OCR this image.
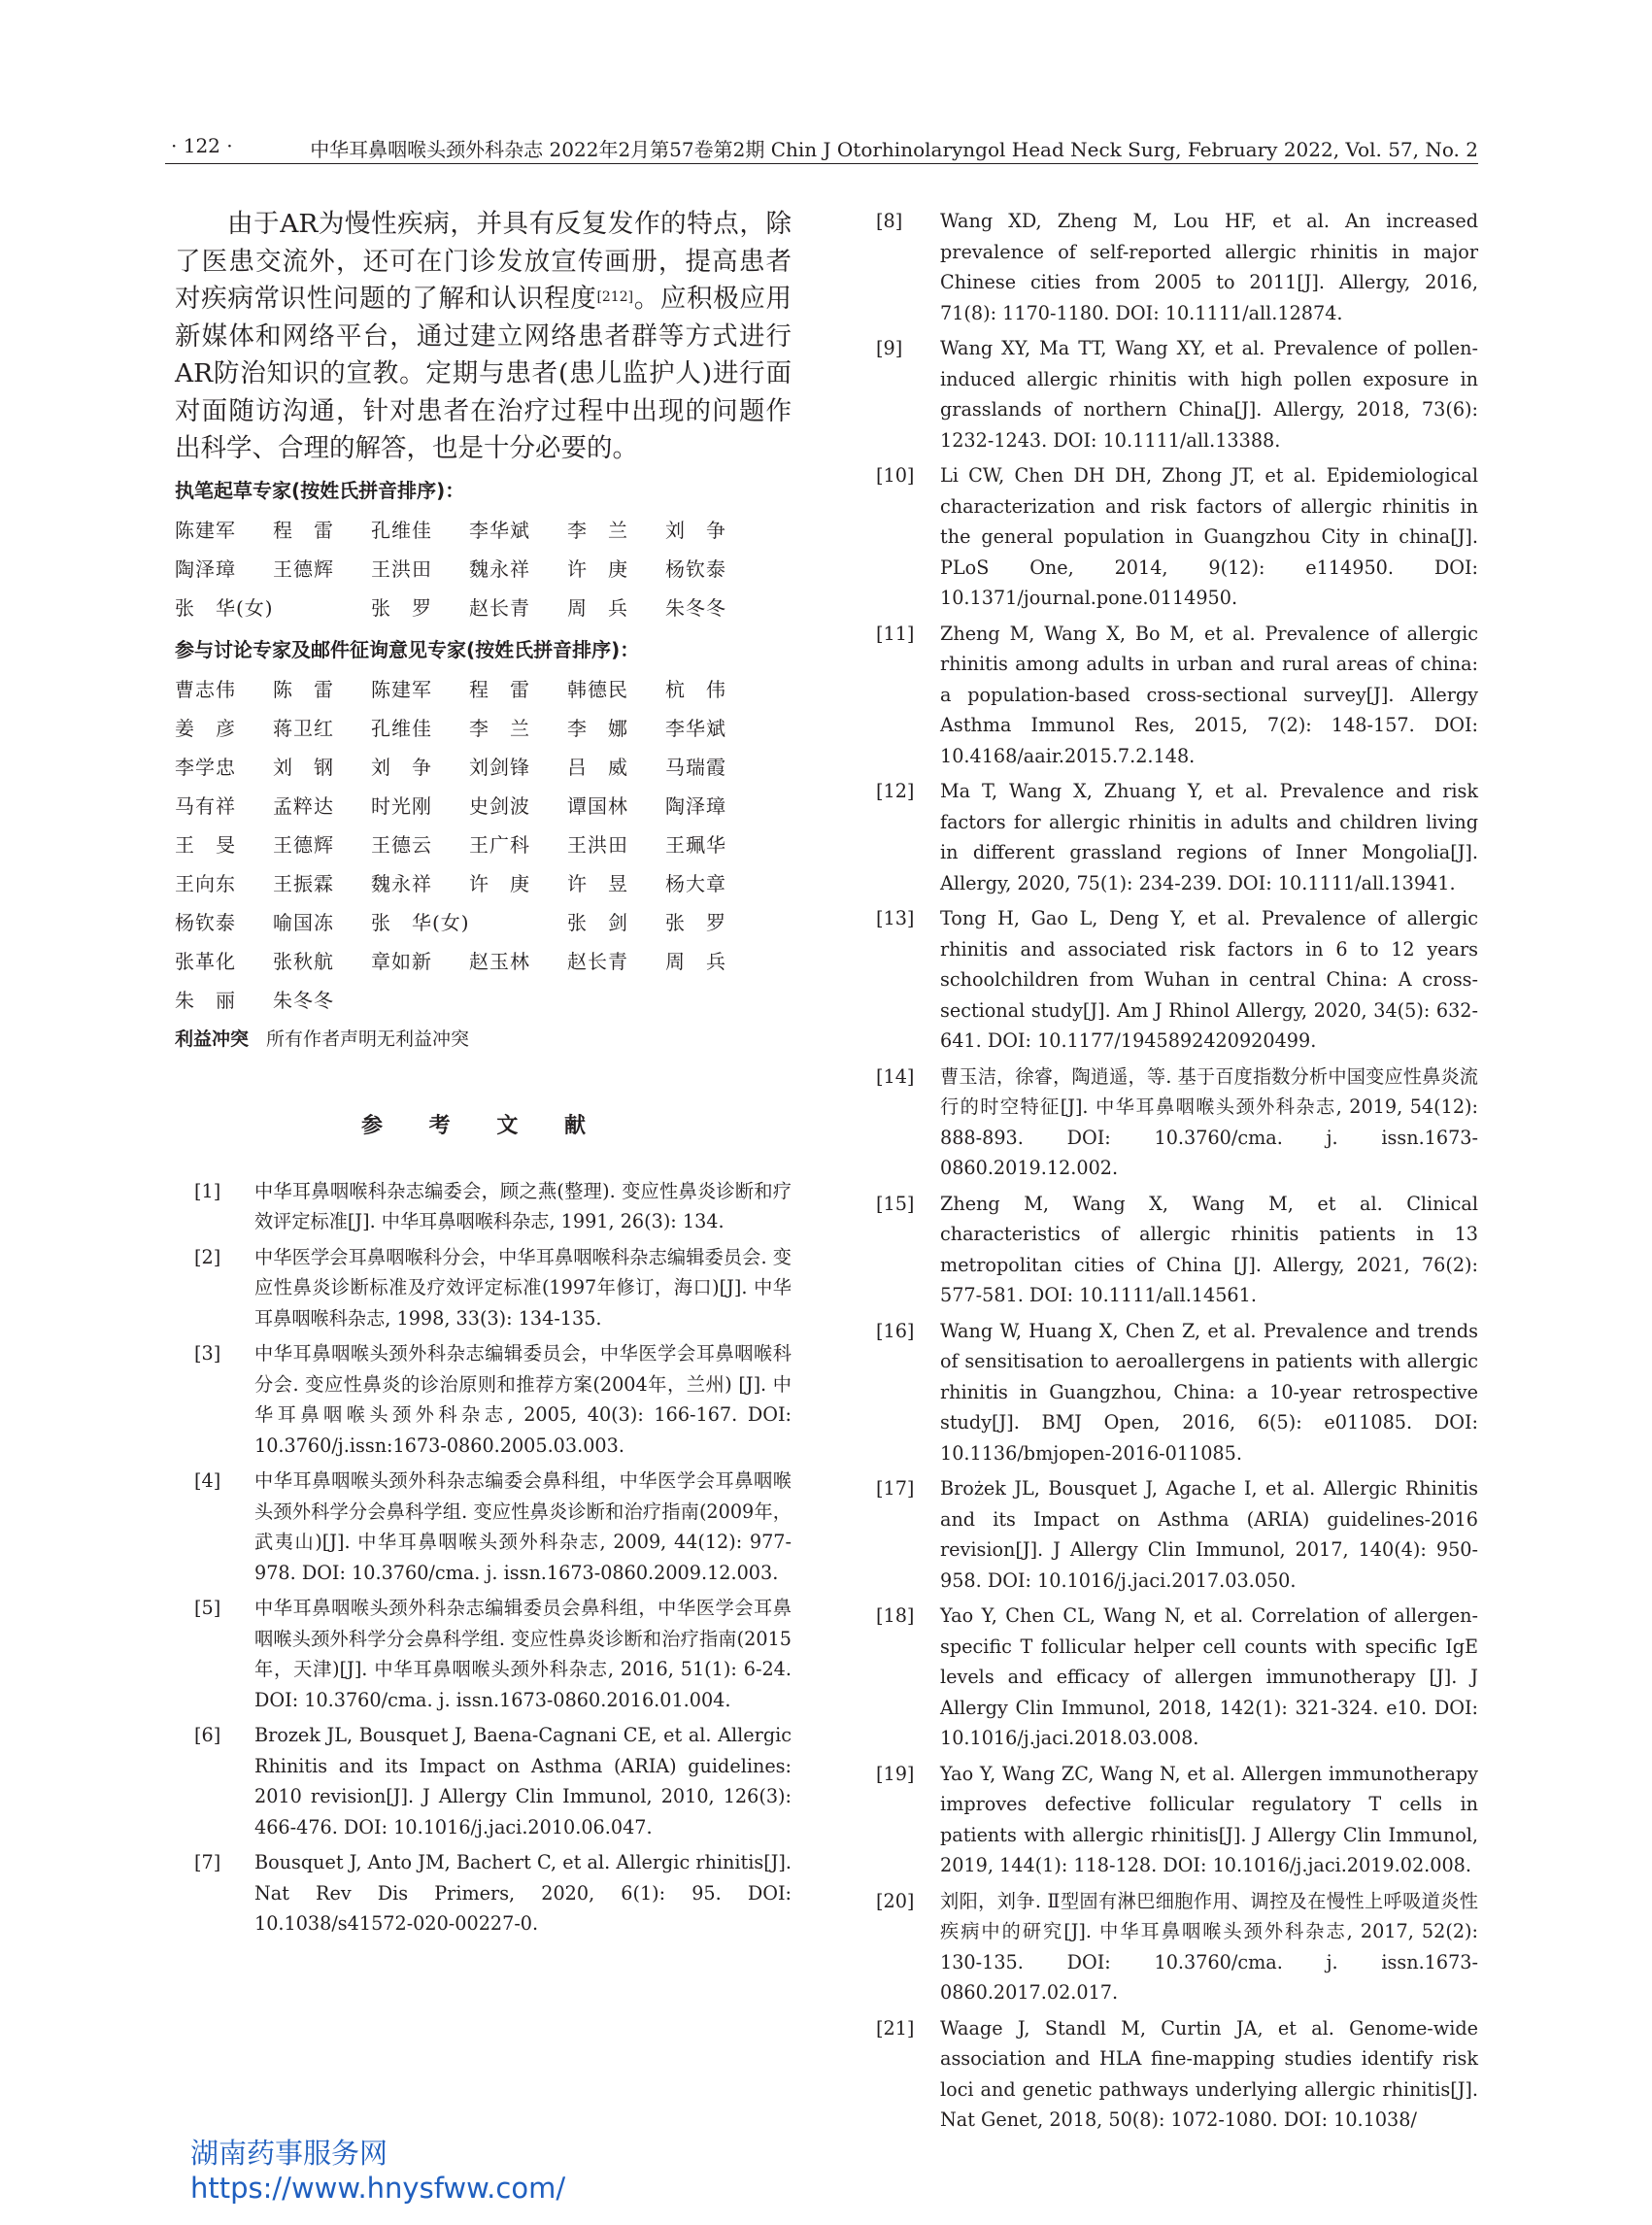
· 122 ·	中华耳鼻咽喉头颈外科杂志 2022年2月第57卷第2期 Chin J Otorhinolaryngol Head Neck Surg, February 2022, Vol. 57, No. 2

由于AR为慢性疾病，并具有反复发作的特点，除了医患交流外，还可在门诊发放宣传画册，提高患者对疾病常识性问题的了解和认识程度[212]。应积极应用新媒体和网络平台，通过建立网络患者群等方式进行AR防治知识的宣教。定期与患者(患儿监护人)进行面对面随访沟通，针对患者在治疗过程中出现的问题作出科学、合理的解答，也是十分必要的。

执笔起草专家(按姓氏拼音排序)：
陈建军	程　雷	孔维佳	李华斌	李　兰	刘　争
陶泽璋	王德辉	王洪田	魏永祥	许　庚	杨钦泰
张　华(女)	张　罗	赵长青	周　兵	朱冬冬
参与讨论专家及邮件征询意见专家(按姓氏拼音排序)：
曹志伟	陈　雷	陈建军	程　雷	韩德民	杭　伟
姜　彦	蒋卫红	孔维佳	李　兰	李　娜	李华斌
李学忠	刘　钢	刘　争	刘剑锋	吕　威	马瑞霞
马有祥	孟粹达	时光刚	史剑波	谭国林	陶泽璋
王　旻	王德辉	王德云	王广科	王洪田	王珮华
王向东	王振霖	魏永祥	许　庚	许　昱	杨大章
杨钦泰	喻国冻	张　华(女)	张　剑	张　罗
张革化	张秋航	章如新	赵玉林	赵长青	周　兵
朱　丽	朱冬冬
利益冲突 所有作者声明无利益冲突
参 考 文 献
[1] 中华耳鼻咽喉科杂志编委会，顾之燕(整理). 变应性鼻炎诊断和疗效评定标准[J]. 中华耳鼻咽喉科杂志, 1991, 26(3): 134.
[2] 中华医学会耳鼻咽喉科分会，中华耳鼻咽喉科杂志编辑委员会. 变应性鼻炎诊断标准及疗效评定标准(1997年修订，海口)[J]. 中华耳鼻咽喉科杂志, 1998, 33(3): 134-135.
[3] 中华耳鼻咽喉头颈外科杂志编辑委员会，中华医学会耳鼻咽喉科分会. 变应性鼻炎的诊治原则和推荐方案(2004年，兰州) [J]. 中华耳鼻咽喉头颈外科杂志, 2005, 40(3): 166-167. DOI: 10.3760/j.issn:1673-0860.2005.03.003.
[4] 中华耳鼻咽喉头颈外科杂志编委会鼻科组，中华医学会耳鼻咽喉头颈外科学分会鼻科学组. 变应性鼻炎诊断和治疗指南(2009年，武夷山)[J]. 中华耳鼻咽喉头颈外科杂志, 2009, 44(12): 977-978. DOI: 10.3760/cma. j. issn.1673-0860.2009.12.003.
[5] 中华耳鼻咽喉头颈外科杂志编辑委员会鼻科组，中华医学会耳鼻咽喉头颈外科学分会鼻科学组. 变应性鼻炎诊断和治疗指南(2015年，天津)[J]. 中华耳鼻咽喉头颈外科杂志, 2016, 51(1): 6-24. DOI: 10.3760/cma. j. issn.1673-0860.2016.01.004.
[6] Brozek JL, Bousquet J, Baena-Cagnani CE, et al. Allergic Rhinitis and its Impact on Asthma (ARIA) guidelines: 2010 revision[J]. J Allergy Clin Immunol, 2010, 126(3): 466-476. DOI: 10.1016/j.jaci.2010.06.047.
[7] Bousquet J, Anto JM, Bachert C, et al. Allergic rhinitis[J]. Nat Rev Dis Primers, 2020, 6(1): 95. DOI: 10.1038/s41572-020-00227-0.
[8] Wang XD, Zheng M, Lou HF, et al. An increased prevalence of self-reported allergic rhinitis in major Chinese cities from 2005 to 2011[J]. Allergy, 2016, 71(8): 1170-1180. DOI: 10.1111/all.12874.
[9] Wang XY, Ma TT, Wang XY, et al. Prevalence of pollen-induced allergic rhinitis with high pollen exposure in grasslands of northern China[J]. Allergy, 2018, 73(6): 1232-1243. DOI: 10.1111/all.13388.
[10] Li CW, Chen DH DH, Zhong JT, et al. Epidemiological characterization and risk factors of allergic rhinitis in the general population in Guangzhou City in china[J]. PLoS One, 2014, 9(12): e114950. DOI: 10.1371/journal.pone.0114950.
[11] Zheng M, Wang X, Bo M, et al. Prevalence of allergic rhinitis among adults in urban and rural areas of china: a population-based cross-sectional survey[J]. Allergy Asthma Immunol Res, 2015, 7(2): 148-157. DOI: 10.4168/aair.2015.7.2.148.
[12] Ma T, Wang X, Zhuang Y, et al. Prevalence and risk factors for allergic rhinitis in adults and children living in different grassland regions of Inner Mongolia[J]. Allergy, 2020, 75(1): 234-239. DOI: 10.1111/all.13941.
[13] Tong H, Gao L, Deng Y, et al. Prevalence of allergic rhinitis and associated risk factors in 6 to 12 years schoolchildren from Wuhan in central China: A cross-sectional study[J]. Am J Rhinol Allergy, 2020, 34(5): 632-641. DOI: 10.1177/1945892420920499.
[14] 曹玉洁，徐睿，陶逍遥，等. 基于百度指数分析中国变应性鼻炎流行的时空特征[J]. 中华耳鼻咽喉头颈外科杂志, 2019, 54(12): 888-893. DOI: 10.3760/cma. j. issn.1673-0860.2019.12.002.
[15] Zheng M, Wang X, Wang M, et al. Clinical characteristics of allergic rhinitis patients in 13 metropolitan cities of China [J]. Allergy, 2021, 76(2): 577-581. DOI: 10.1111/all.14561.
[16] Wang W, Huang X, Chen Z, et al. Prevalence and trends of sensitisation to aeroallergens in patients with allergic rhinitis in Guangzhou, China: a 10-year retrospective study[J]. BMJ Open, 2016, 6(5): e011085. DOI: 10.1136/bmjopen-2016-011085.
[17] Brożek JL, Bousquet J, Agache I, et al. Allergic Rhinitis and its Impact on Asthma (ARIA) guidelines-2016 revision[J]. J Allergy Clin Immunol, 2017, 140(4): 950-958. DOI: 10.1016/j.jaci.2017.03.050.
[18] Yao Y, Chen CL, Wang N, et al. Correlation of allergen-specific T follicular helper cell counts with specific IgE levels and efficacy of allergen immunotherapy [J]. J Allergy Clin Immunol, 2018, 142(1): 321-324. e10. DOI: 10.1016/j.jaci.2018.03.008.
[19] Yao Y, Wang ZC, Wang N, et al. Allergen immunotherapy improves defective follicular regulatory T cells in patients with allergic rhinitis[J]. J Allergy Clin Immunol, 2019, 144(1): 118-128. DOI: 10.1016/j.jaci.2019.02.008.
[20] 刘阳，刘争. Ⅱ型固有淋巴细胞作用、调控及在慢性上呼吸道炎性疾病中的研究[J]. 中华耳鼻咽喉头颈外科杂志, 2017, 52(2): 130-135. DOI: 10.3760/cma. j. issn.1673-0860.2017.02.017.
[21] Waage J, Standl M, Curtin JA, et al. Genome-wide association and HLA fine-mapping studies identify risk loci and genetic pathways underlying allergic rhinitis[J]. Nat Genet, 2018, 50(8): 1072-1080. DOI: 10.1038/
湖南药事服务网
https://www.hnysfww.com/
